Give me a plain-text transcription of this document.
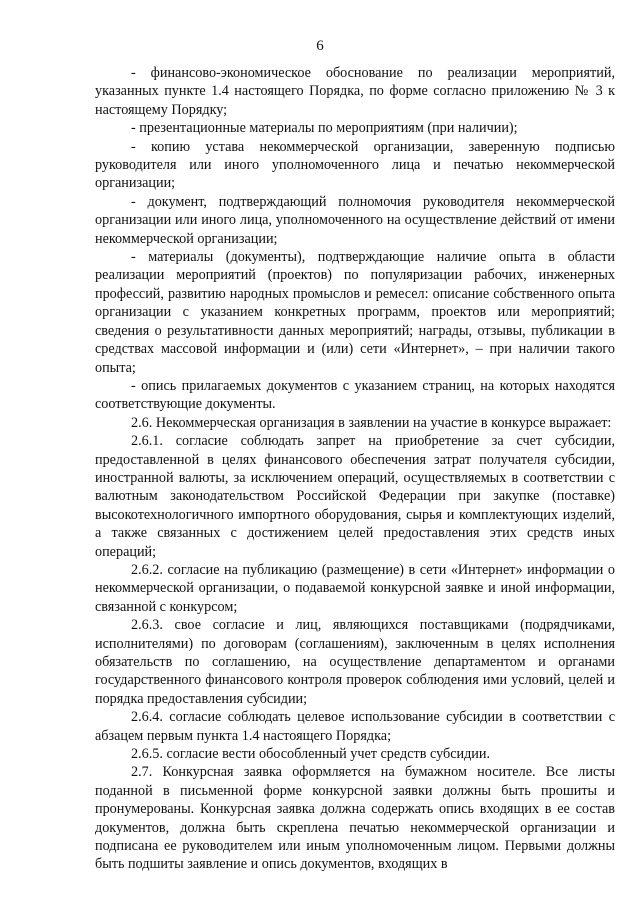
6

- финансово-экономическое обоснование по реализации мероприятий, указанных пункте 1.4 настоящего Порядка, по форме согласно приложению № 3 к настоящему Порядку;

- презентационные материалы по мероприятиям (при наличии);

- копию устава некоммерческой организации, заверенную подписью руководителя или иного уполномоченного лица и печатью некоммерческой организации;

- документ, подтверждающий полномочия руководителя некоммерческой организации или иного лица, уполномоченного на осуществление действий от имени некоммерческой организации;

- материалы (документы), подтверждающие наличие опыта в области реализации мероприятий (проектов) по популяризации рабочих, инженерных профессий, развитию народных промыслов и ремесел: описание собственного опыта организации с указанием конкретных программ, проектов или мероприятий; сведения о результативности данных мероприятий; награды, отзывы, публикации в средствах массовой информации и (или) сети «Интернет», – при наличии такого опыта;

- опись прилагаемых документов с указанием страниц, на которых находятся соответствующие документы.

2.6. Некоммерческая организация в заявлении на участие в конкурсе выражает:

2.6.1. согласие соблюдать запрет на приобретение за счет субсидии, предоставленной в целях финансового обеспечения затрат получателя субсидии, иностранной валюты, за исключением операций, осуществляемых в соответствии с валютным законодательством Российской Федерации при закупке (поставке) высокотехнологичного импортного оборудования, сырья и комплектующих изделий, а также связанных с достижением целей предоставления этих средств иных операций;

2.6.2. согласие на публикацию (размещение) в сети «Интернет» информации о некоммерческой организации, о подаваемой конкурсной заявке и иной информации, связанной с конкурсом;

2.6.3. свое согласие и лиц, являющихся поставщиками (подрядчиками, исполнителями) по договорам (соглашениям), заключенным в целях исполнения обязательств по соглашению, на осуществление департаментом и органами государственного финансового контроля проверок соблюдения ими условий, целей и порядка предоставления субсидии;

2.6.4. согласие соблюдать целевое использование субсидии в соответствии с абзацем первым пункта 1.4 настоящего Порядка;

2.6.5. согласие вести обособленный учет средств субсидии.

2.7. Конкурсная заявка оформляется на бумажном носителе. Все листы поданной в письменной форме конкурсной заявки должны быть прошиты и пронумерованы. Конкурсная заявка должна содержать опись входящих в ее состав документов, должна быть скреплена печатью некоммерческой организации и подписана ее руководителем или иным уполномоченным лицом. Первыми должны быть подшиты заявление и опись документов, входящих в
